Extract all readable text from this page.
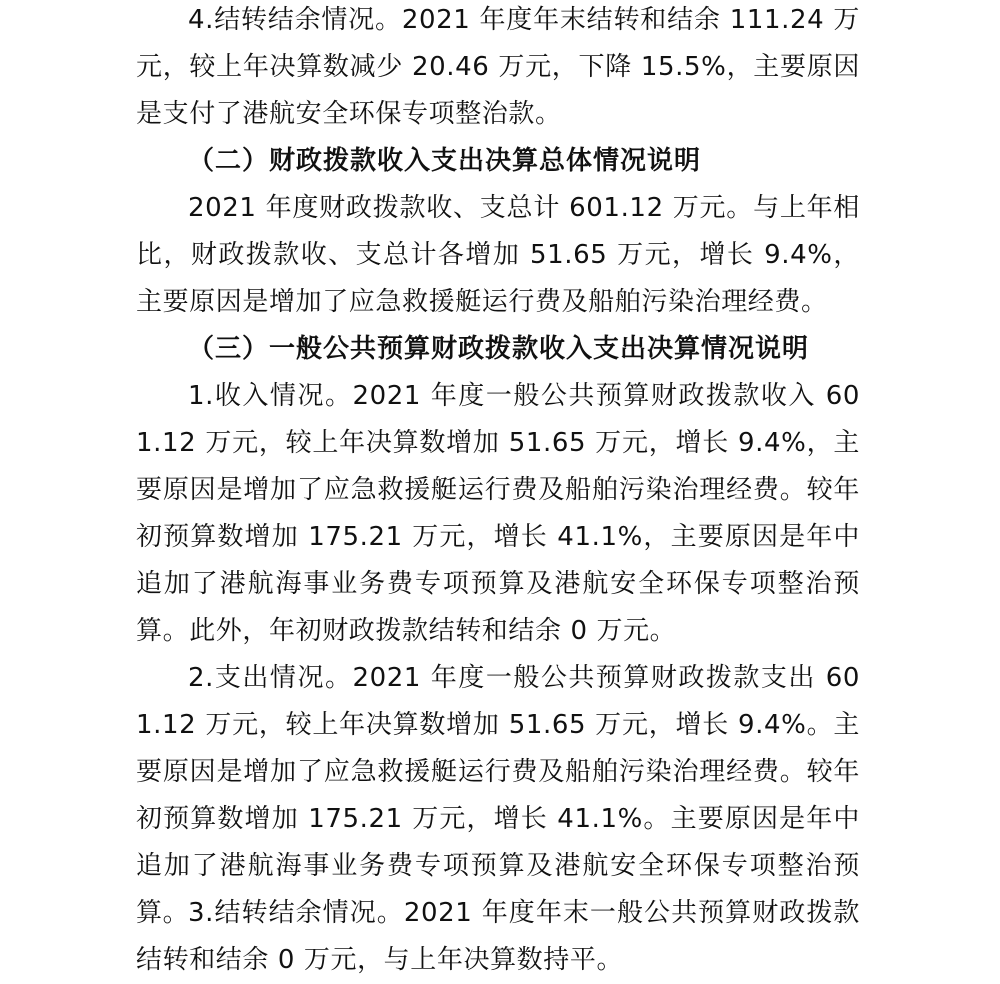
4.结转结余情况。2021 年度年末结转和结余 111.24 万元，较上年决算数减少 20.46 万元，下降 15.5%，主要原因是支付了港航安全环保专项整治款。

（二）财政拨款收入支出决算总体情况说明

2021 年度财政拨款收、支总计 601.12 万元。与上年相比，财政拨款收、支总计各增加 51.65 万元，增长 9.4%，主要原因是增加了应急救援艇运行费及船舶污染治理经费。

（三）一般公共预算财政拨款收入支出决算情况说明

1.收入情况。2021 年度一般公共预算财政拨款收入 601.12 万元，较上年决算数增加 51.65 万元，增长 9.4%，主要原因是增加了应急救援艇运行费及船舶污染治理经费。较年初预算数增加 175.21 万元，增长 41.1%，主要原因是年中追加了港航海事业务费专项预算及港航安全环保专项整治预算。此外，年初财政拨款结转和结余 0 万元。

2.支出情况。2021 年度一般公共预算财政拨款支出 601.12 万元，较上年决算数增加 51.65 万元，增长 9.4%。主要原因是增加了应急救援艇运行费及船舶污染治理经费。较年初预算数增加 175.21 万元，增长 41.1%。主要原因是年中追加了港航海事业务费专项预算及港航安全环保专项整治预算。

3.结转结余情况。2021 年度年末一般公共预算财政拨款结转和结余 0 万元，与上年决算数持平。
